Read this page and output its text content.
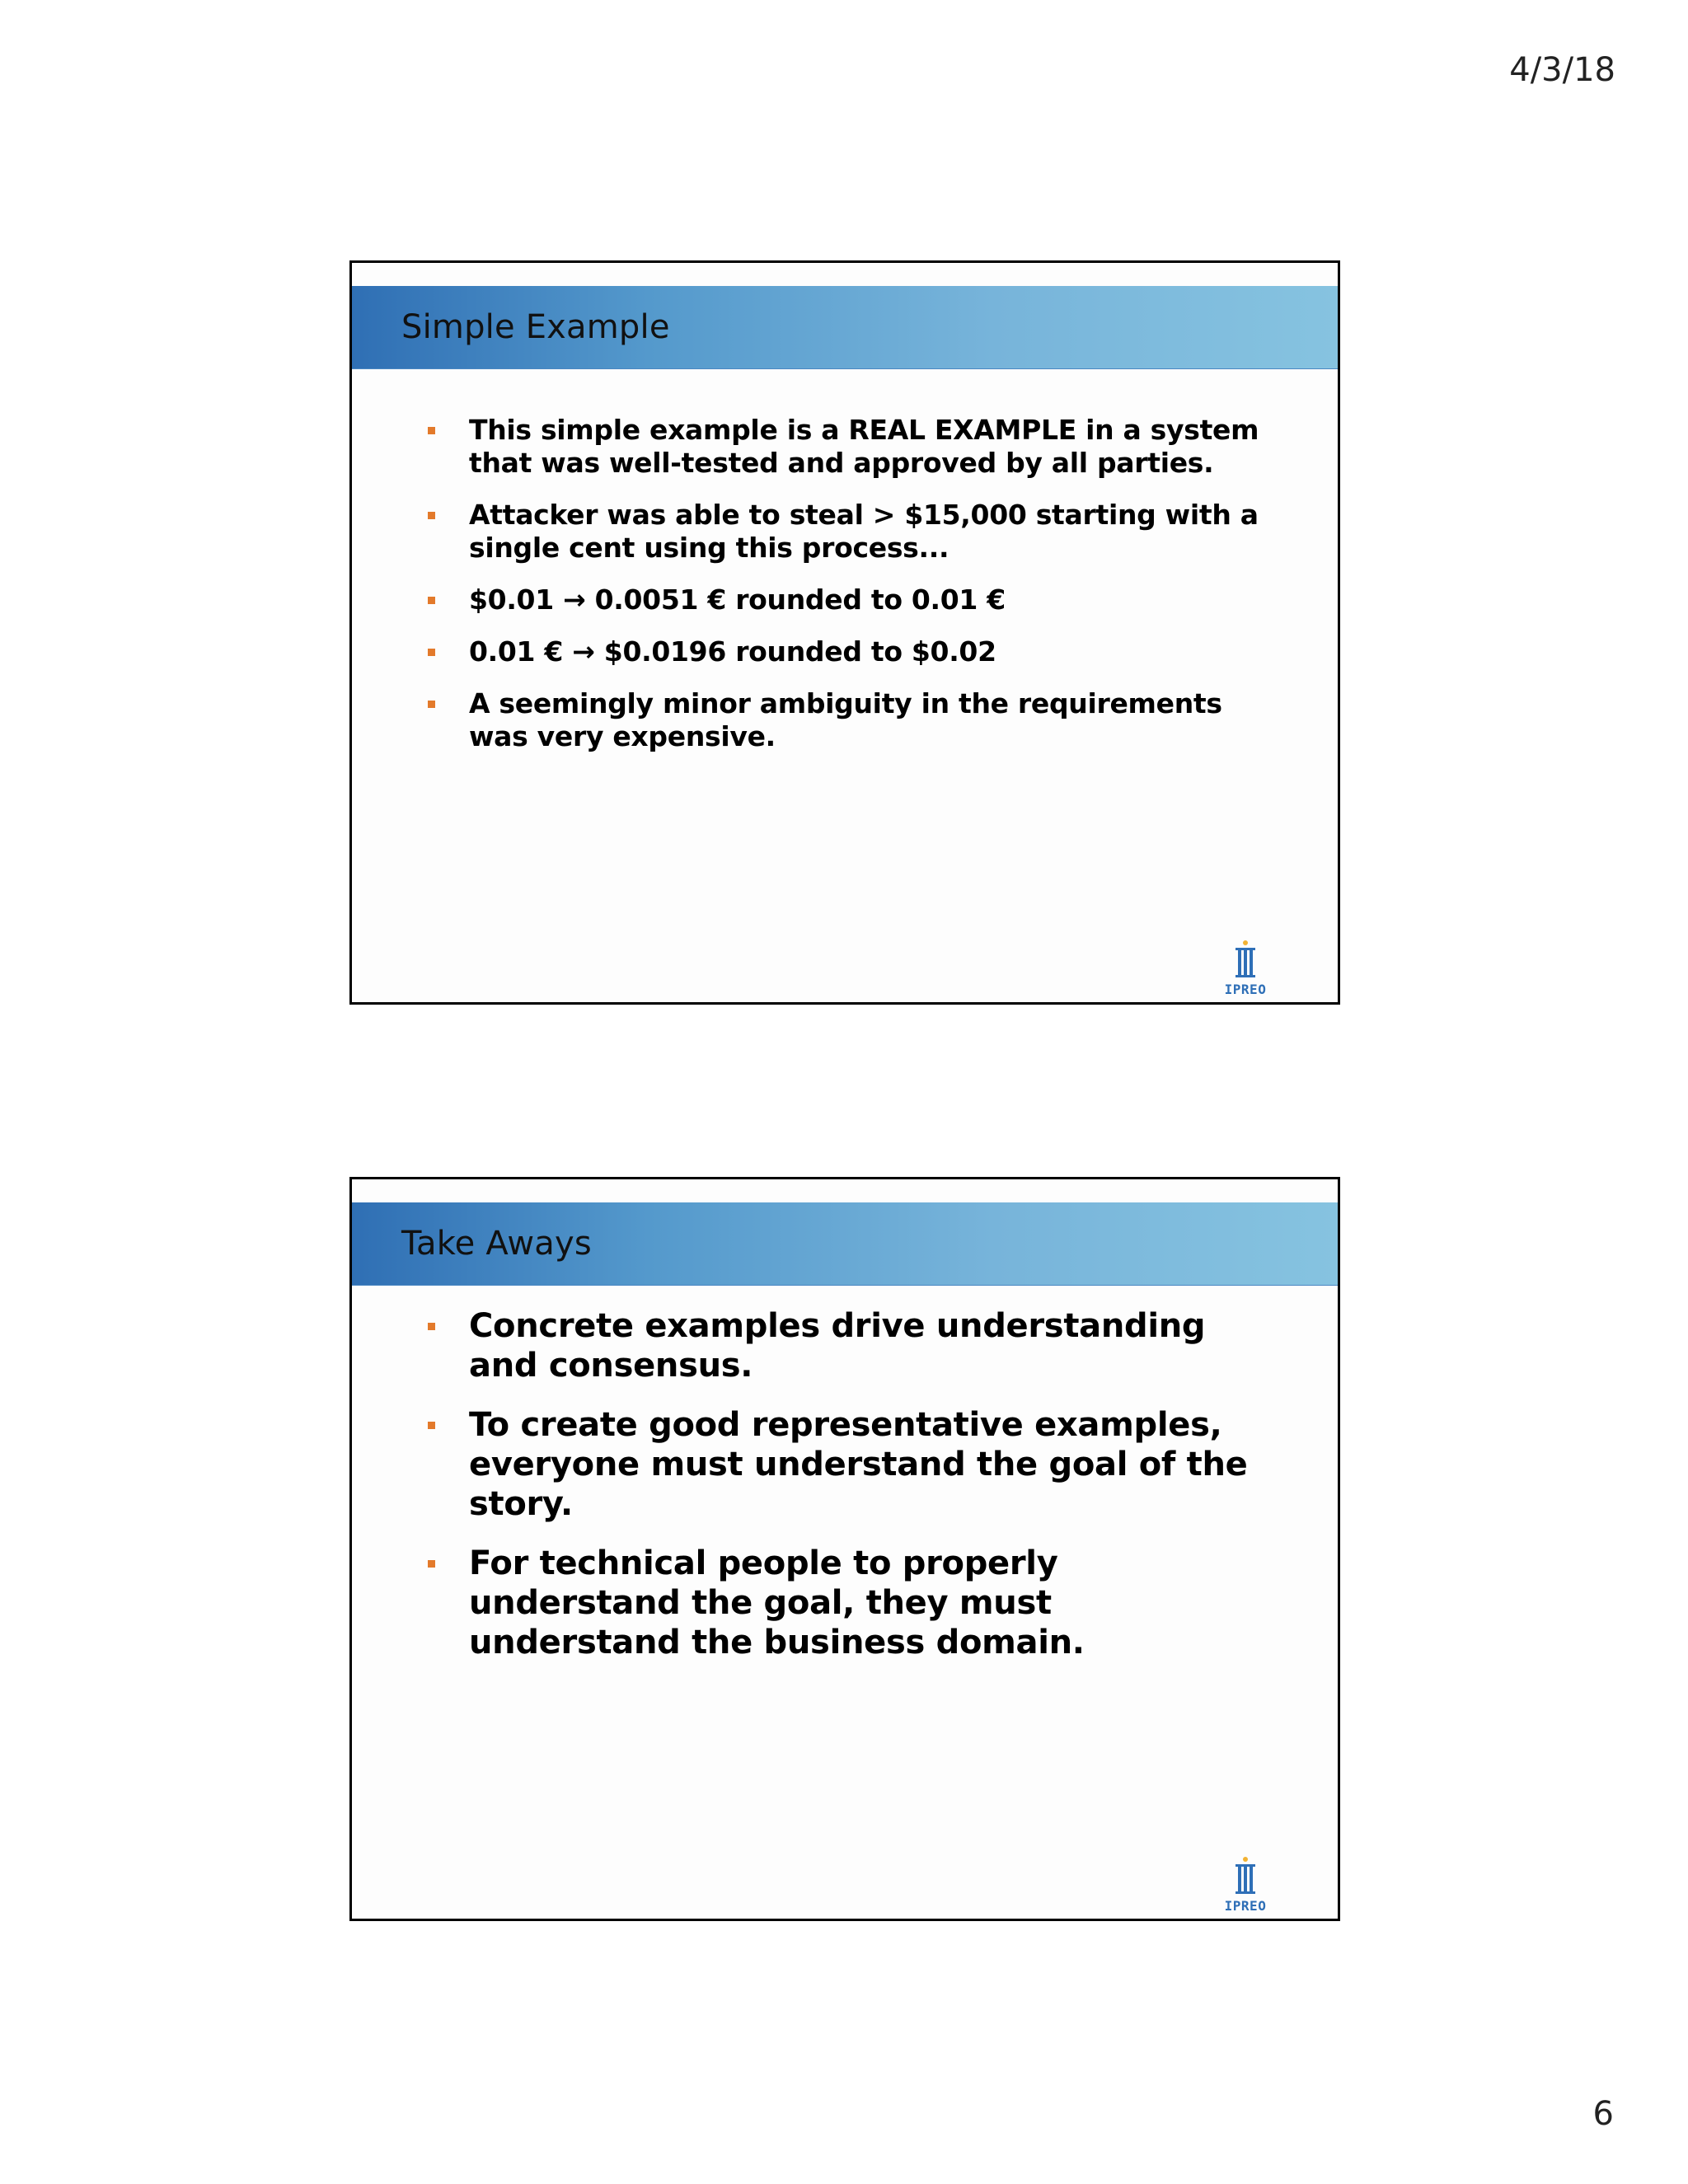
4/3/18
Simple Example
This simple example is a REAL EXAMPLE in a system that was well-tested and approved by all parties.
Attacker was able to steal > $15,000 starting with a single cent using this process...
$0.01 → 0.0051 € rounded to 0.01 €
0.01 € → $0.0196 rounded to $0.02
A seemingly minor ambiguity in the requirements was very expensive.
IPREO
Take Aways
Concrete examples drive understanding and consensus.
To create good representative examples, everyone must understand the goal of the story.
For technical people to properly understand the goal, they must understand the business domain.
IPREO
6
